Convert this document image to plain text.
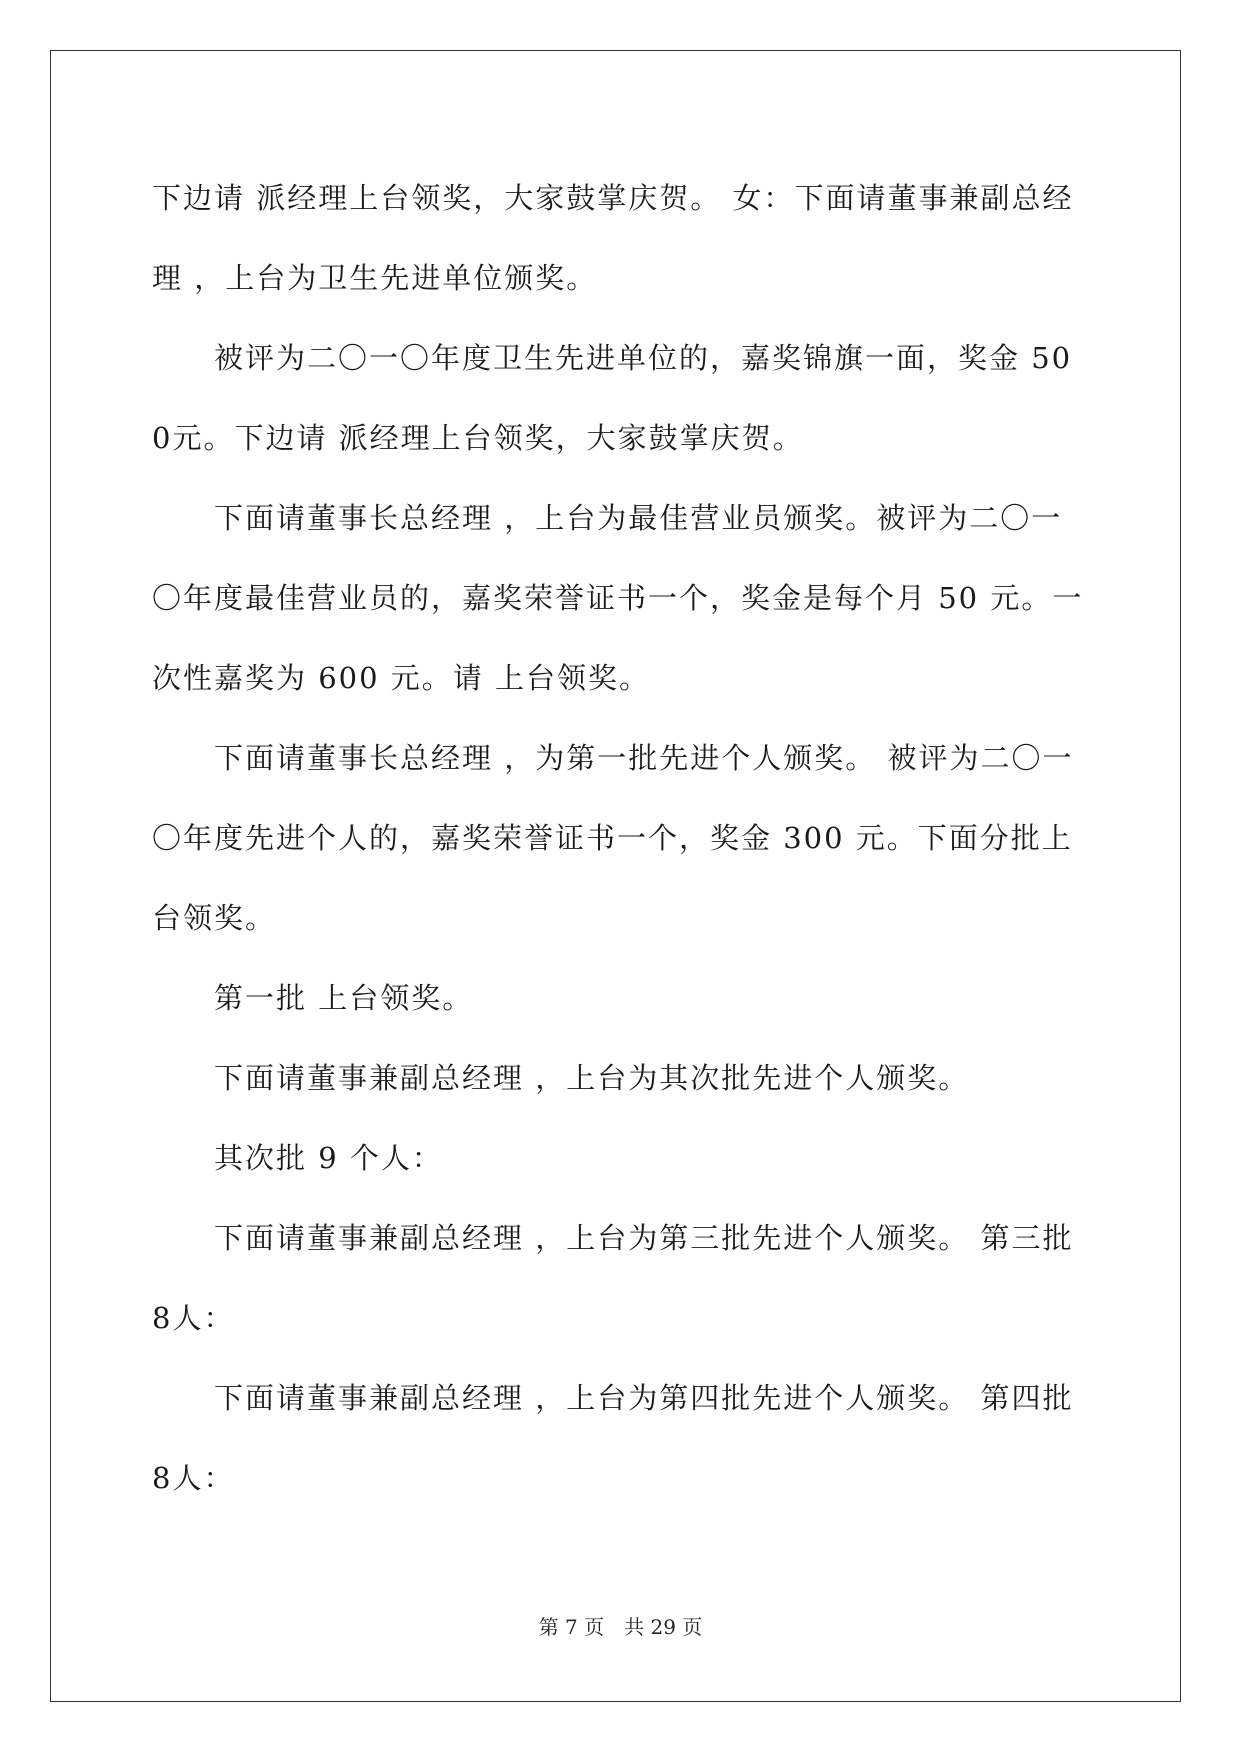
下边请 派经理上台领奖，大家鼓掌庆贺。 女：下面请董事兼副总经理 ，上台为卫生先进单位颁奖。

被评为二〇一〇年度卫生先进单位的，嘉奖锦旗一面，奖金 500元。下边请 派经理上台领奖，大家鼓掌庆贺。

下面请董事长总经理 ，上台为最佳营业员颁奖。被评为二〇一〇年度最佳营业员的，嘉奖荣誉证书一个，奖金是每个月 50 元。一次性嘉奖为 600 元。请 上台领奖。

下面请董事长总经理 ，为第一批先进个人颁奖。 被评为二〇一〇年度先进个人的，嘉奖荣誉证书一个，奖金 300 元。下面分批上台领奖。

第一批 上台领奖。

下面请董事兼副总经理 ，上台为其次批先进个人颁奖。

其次批 9 个人：

下面请董事兼副总经理 ，上台为第三批先进个人颁奖。 第三批 8人：

下面请董事兼副总经理 ，上台为第四批先进个人颁奖。 第四批 8人：

第 7 页　共 29 页
